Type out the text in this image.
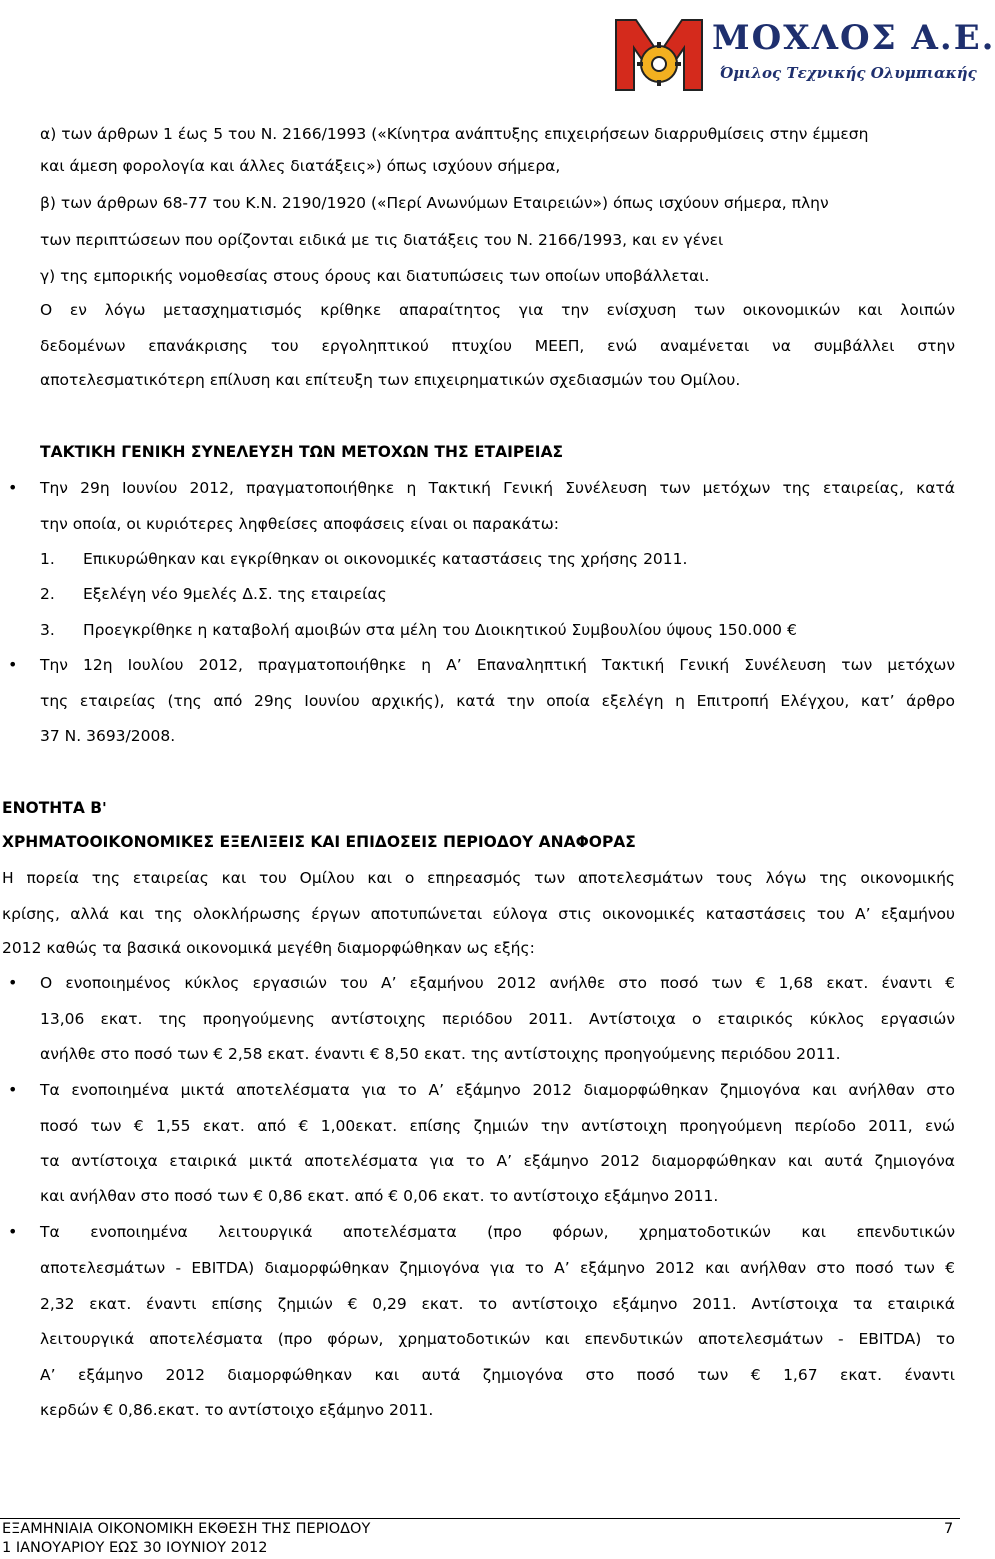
ΜΟΧΛΟΣ Α.Ε.
Όμιλος Τεχνικής Ολυμπιακής
α) των άρθρων 1 έως 5 του Ν. 2166/1993 («Κίνητρα ανάπτυξης επιχειρήσεων διαρρυθμίσεις στην έμμεση
και άμεση φορολογία και άλλες διατάξεις») όπως ισχύουν σήμερα,
β) των άρθρων 68-77 του Κ.Ν. 2190/1920 («Περί Ανωνύμων Εταιρειών») όπως ισχύουν σήμερα, πλην
των περιπτώσεων που ορίζονται ειδικά με τις διατάξεις του Ν. 2166/1993, και εν γένει
γ) της εμπορικής νομοθεσίας στους όρους και διατυπώσεις των οποίων υποβάλλεται.
Ο εν λόγω μετασχηματισμός κρίθηκε απαραίτητος για την ενίσχυση των οικονομικών και λοιπών
δεδομένων επανάκρισης του εργοληπτικού πτυχίου ΜΕΕΠ, ενώ αναμένεται να συμβάλλει στην
αποτελεσματικότερη επίλυση και επίτευξη των επιχειρηματικών σχεδιασμών του Ομίλου.
ΤΑΚΤΙΚΗ ΓΕΝΙΚΗ ΣΥΝΕΛΕΥΣΗ ΤΩΝ ΜΕΤΟΧΩΝ ΤΗΣ ΕΤΑΙΡΕΙΑΣ
• Την 29η Ιουνίου 2012, πραγματοποιήθηκε η Τακτική Γενική Συνέλευση των μετόχων της εταιρείας, κατά
την οποία, οι κυριότερες ληφθείσες αποφάσεις είναι οι παρακάτω:
1. Επικυρώθηκαν και εγκρίθηκαν οι οικονομικές καταστάσεις της χρήσης 2011.
2. Εξελέγη νέο 9μελές Δ.Σ. της εταιρείας
3. Προεγκρίθηκε η καταβολή αμοιβών στα μέλη του Διοικητικού Συμβουλίου ύψους 150.000 €
• Την 12η Ιουλίου 2012, πραγματοποιήθηκε η Α’ Επαναληπτική Τακτική Γενική Συνέλευση των μετόχων
της εταιρείας (της από 29ης Ιουνίου αρχικής), κατά την οποία εξελέγη η Επιτροπή Ελέγχου, κατ’ άρθρο
37 Ν. 3693/2008.
ΕΝΟΤΗΤΑ Β'
ΧΡΗΜΑΤΟΟΙΚΟΝΟΜΙΚΕΣ ΕΞΕΛΙΞΕΙΣ ΚΑΙ ΕΠΙΔΟΣΕΙΣ ΠΕΡΙΟΔΟΥ ΑΝΑΦΟΡΑΣ
Η πορεία της εταιρείας και του Ομίλου και ο επηρεασμός των αποτελεσμάτων τους λόγω της οικονομικής
κρίσης, αλλά και της ολοκλήρωσης έργων αποτυπώνεται εύλογα στις οικονομικές καταστάσεις του Α’ εξαμήνου
2012 καθώς τα βασικά οικονομικά μεγέθη διαμορφώθηκαν ως εξής:
• Ο ενοποιημένος κύκλος εργασιών του Α’ εξαμήνου 2012 ανήλθε στο ποσό των € 1,68 εκατ. έναντι €
13,06 εκατ. της προηγούμενης αντίστοιχης περιόδου 2011. Αντίστοιχα ο εταιρικός κύκλος εργασιών
ανήλθε στο ποσό των € 2,58 εκατ. έναντι € 8,50 εκατ. της αντίστοιχης προηγούμενης περιόδου 2011.
• Τα ενοποιημένα μικτά αποτελέσματα για το Α’ εξάμηνο 2012 διαμορφώθηκαν ζημιογόνα και ανήλθαν στο
ποσό των € 1,55 εκατ. από € 1,00εκατ. επίσης ζημιών την αντίστοιχη προηγούμενη περίοδο 2011, ενώ
τα αντίστοιχα εταιρικά μικτά αποτελέσματα για το Α’ εξάμηνο 2012 διαμορφώθηκαν και αυτά ζημιογόνα
και ανήλθαν στο ποσό των € 0,86 εκατ. από € 0,06 εκατ. το αντίστοιχο εξάμηνο 2011.
• Τα ενοποιημένα λειτουργικά αποτελέσματα (προ φόρων, χρηματοδοτικών και επενδυτικών
αποτελεσμάτων - EBITDA) διαμορφώθηκαν ζημιογόνα για το Α’ εξάμηνο 2012 και ανήλθαν στο ποσό των €
2,32 εκατ. έναντι επίσης ζημιών € 0,29 εκατ. το αντίστοιχο εξάμηνο 2011. Αντίστοιχα τα εταιρικά
λειτουργικά αποτελέσματα (προ φόρων, χρηματοδοτικών και επενδυτικών αποτελεσμάτων - EBITDA) το
Α’ εξάμηνο 2012 διαμορφώθηκαν και αυτά ζημιογόνα στο ποσό των € 1,67 εκατ. έναντι
κερδών € 0,86.εκατ. το αντίστοιχο εξάμηνο 2011.
ΕΞΑΜΗΝΙΑΙΑ ΟΙΚΟΝΟΜΙΚΗ ΕΚΘΕΣΗ ΤΗΣ ΠΕΡΙΟΔΟΥ
1 ΙΑΝΟΥΑΡΙΟΥ ΕΩΣ 30 ΙΟΥΝΙΟΥ 2012
7
